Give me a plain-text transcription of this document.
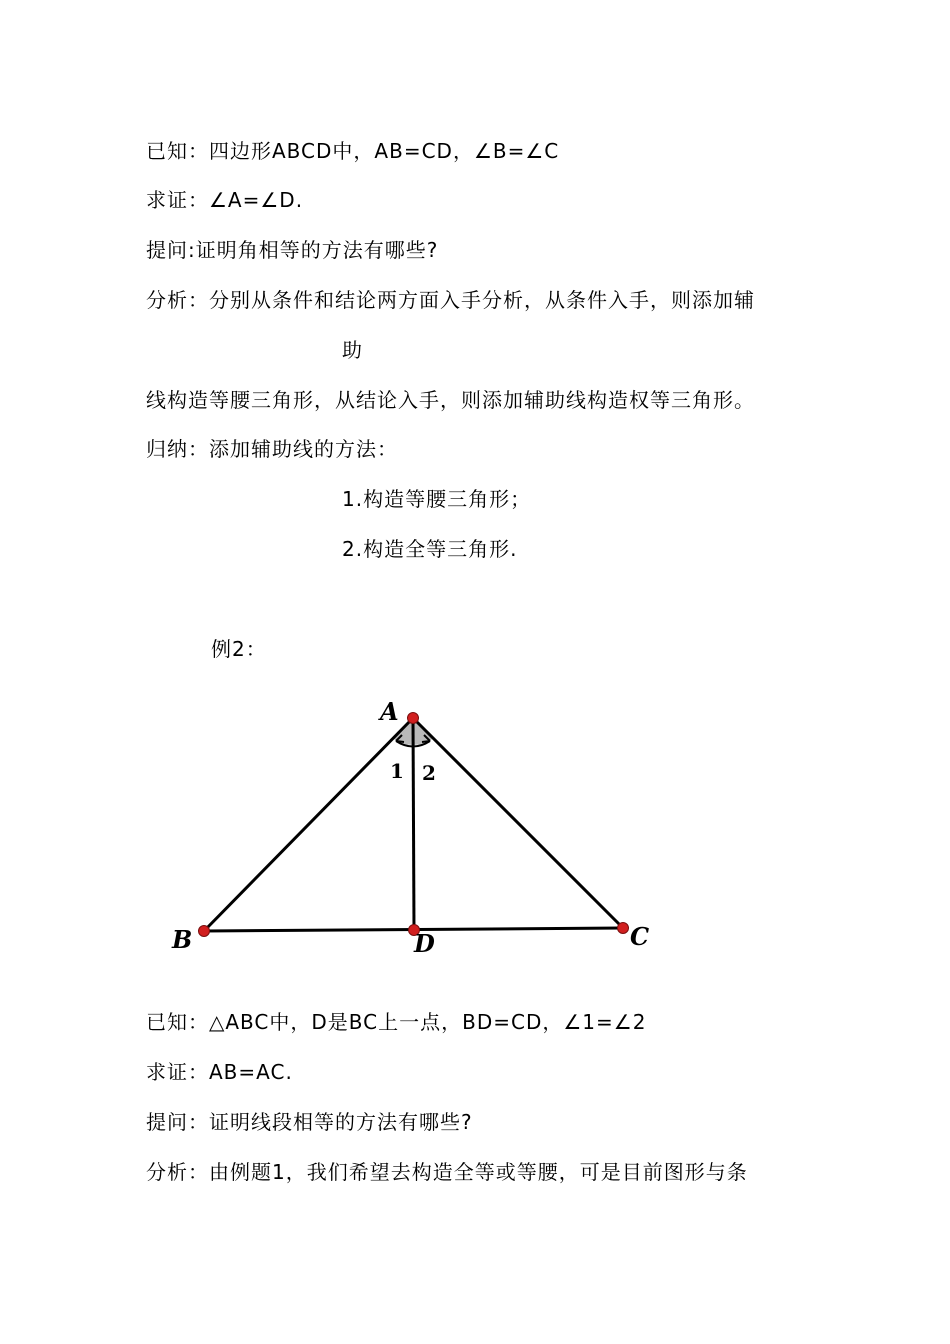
已知：四边形ABCD中，AB=CD，∠B=∠C
求证：∠A=∠D.
提问:证明角相等的方法有哪些?
分析：分别从条件和结论两方面入手分析，从条件入手，则添加辅
助
线构造等腰三角形，从结论入手，则添加辅助线构造权等三角形。
归纳：添加辅助线的方法：
1.构造等腰三角形；
2.构造全等三角形.
例2：
A
B	C
D
1 2
已知：△ABC中，D是BC上一点，BD=CD，∠1=∠2
求证：AB=AC.
提问：证明线段相等的方法有哪些?
分析：由例题1，我们希望去构造全等或等腰，可是目前图形与条
